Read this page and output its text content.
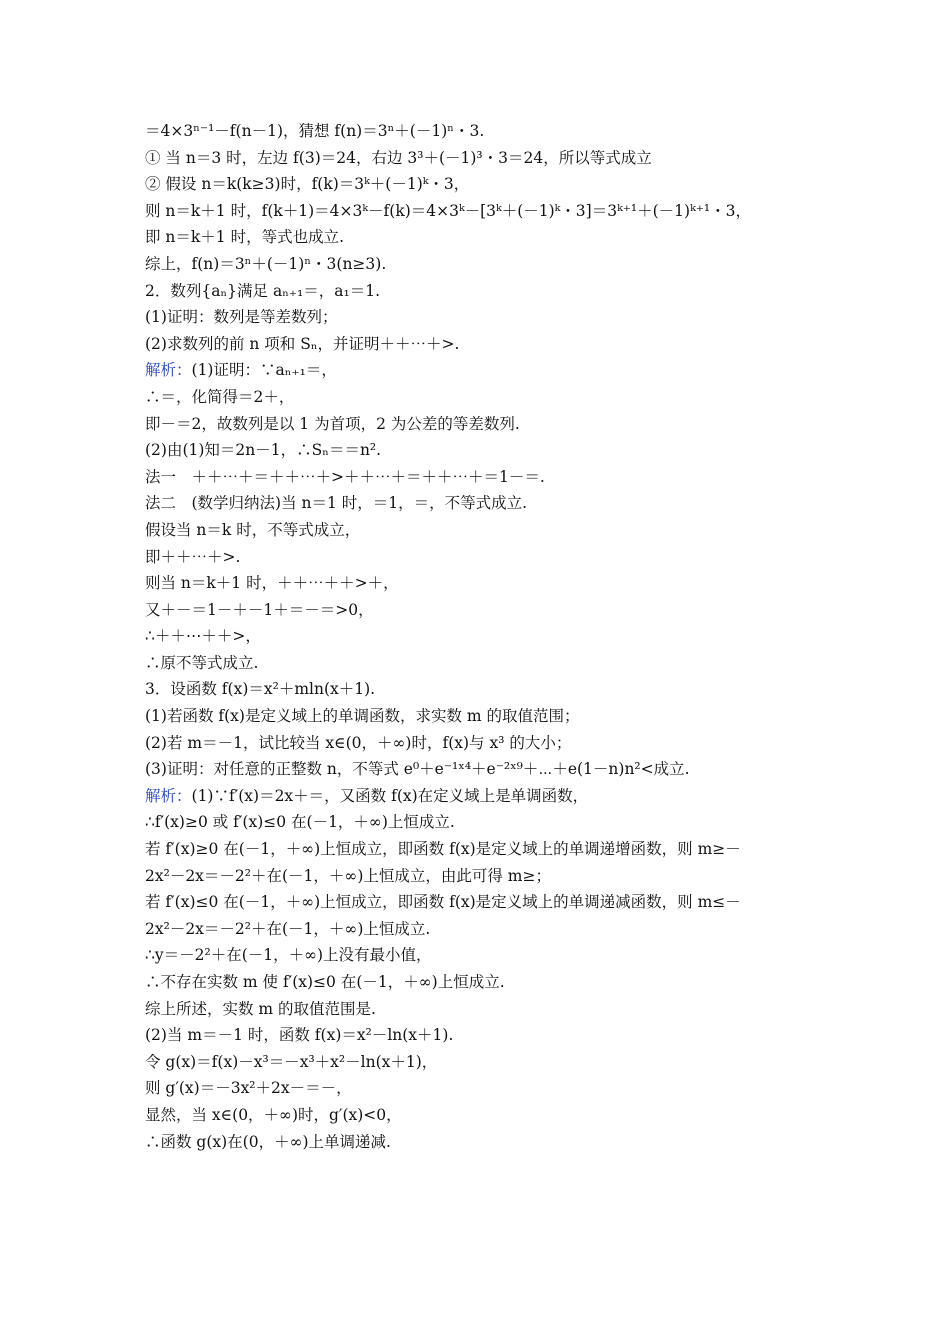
＝4×3ⁿ⁻¹－f(n－1)，猜想 f(n)＝3ⁿ＋(－1)ⁿ・3.
① 当 n＝3 时，左边 f(3)＝24，右边 3³＋(－1)³・3＝24，所以等式成立
② 假设 n＝k(k≥3)时，f(k)＝3ᵏ＋(－1)ᵏ・3，
则 n＝k＋1 时，f(k＋1)＝4×3ᵏ－f(k)＝4×3ᵏ－[3ᵏ＋(－1)ᵏ・3]＝3ᵏ⁺¹＋(－1)ᵏ⁺¹・3，
即 n＝k＋1 时，等式也成立.
综上，f(n)＝3ⁿ＋(－1)ⁿ・3(n≥3).
2．数列{aₙ}满足 aₙ₊₁＝，a₁＝1.
(1)证明：数列是等差数列；
(2)求数列的前 n 项和 Sₙ，并证明＋＋⋯＋>.
解析：(1)证明：∵aₙ₊₁＝，
∴＝，化简得＝2＋，
即－＝2，故数列是以 1 为首项，2 为公差的等差数列.
(2)由(1)知＝2n－1，∴Sₙ＝＝n².
法一　＋＋⋯＋＝＋＋⋯＋>＋＋⋯＋＝＋＋⋯＋＝1－＝.
法二　(数学归纳法)当 n＝1 时，＝1，＝，不等式成立.
假设当 n＝k 时，不等式成立，
即＋＋⋯＋>.
则当 n＝k＋1 时，＋＋⋯＋＋>＋，
又＋－＝1－＋－1＋＝－＝>0，
∴＋＋⋯＋＋>，
∴原不等式成立.
3．设函数 f(x)＝x²＋mln(x＋1).
(1)若函数 f(x)是定义域上的单调函数，求实数 m 的取值范围；
(2)若 m＝－1，试比较当 x∈(0，＋∞)时，f(x)与 x³ 的大小；
(3)证明：对任意的正整数 n，不等式 e⁰＋e⁻¹ˣ⁴＋e⁻²ˣ⁹＋⋯＋e(1－n)n²<成立.
解析：(1)∵f′(x)＝2x＋＝，又函数 f(x)在定义域上是单调函数，
∴f′(x)≥0 或 f′(x)≤0 在(－1，＋∞)上恒成立.
若 f′(x)≥0 在(－1，＋∞)上恒成立，即函数 f(x)是定义域上的单调递增函数，则 m≥－
2x²－2x＝－2²＋在(－1，＋∞)上恒成立，由此可得 m≥；
若 f′(x)≤0 在(－1，＋∞)上恒成立，即函数 f(x)是定义域上的单调递减函数，则 m≤－
2x²－2x＝－2²＋在(－1，＋∞)上恒成立.
∴y＝－2²＋在(－1，＋∞)上没有最小值，
∴不存在实数 m 使 f′(x)≤0 在(－1，＋∞)上恒成立.
综上所述，实数 m 的取值范围是.
(2)当 m＝－1 时，函数 f(x)＝x²－ln(x＋1).
令 g(x)＝f(x)－x³＝－x³＋x²－ln(x＋1)，
则 g′(x)＝－3x²＋2x－＝－，
显然，当 x∈(0，＋∞)时，g′(x)<0，
∴函数 g(x)在(0，＋∞)上单调递减.
